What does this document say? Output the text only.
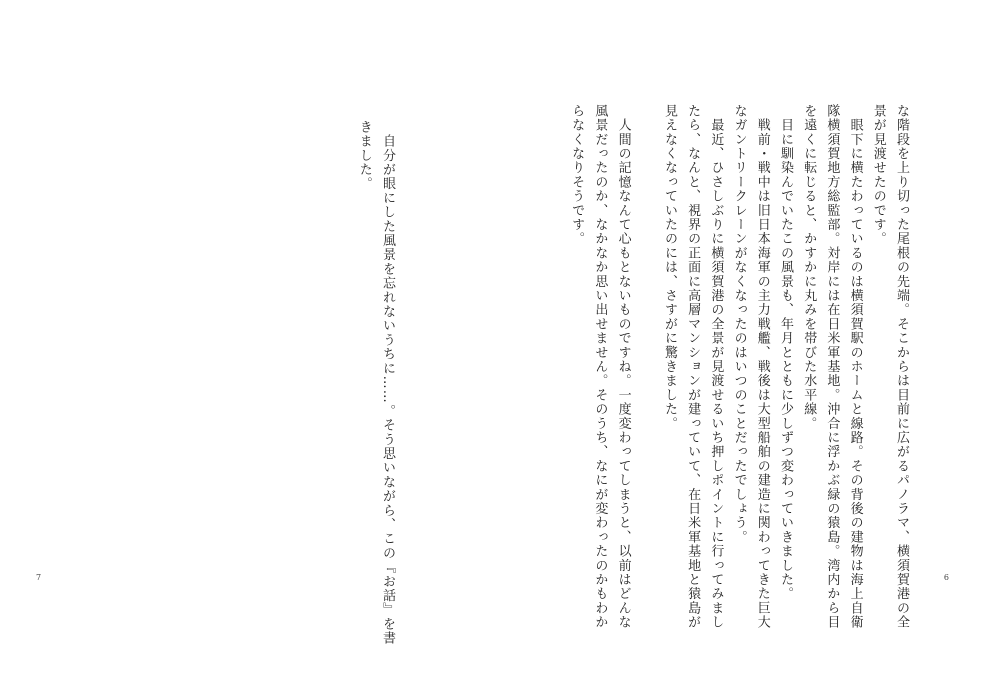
　自分が眼にした風景を忘れないうちに……。そう思いながら、この『お話』を書
きました。
7	な階段を上り切った尾根の先端。そこからは目前に広がるパノラマ、横須賀港の全
景が見渡せたのです。
　眼下に横たわっているのは横須賀駅のホームと線路。その背後の建物は海上自衛
隊横須賀地方総監部。対岸には在日米軍基地。沖合に浮かぶ緑の猿島。湾内から目
を遠くに転じると、かすかに丸みを帯びた水平線。
　目に馴染んでいたこの風景も、年月とともに少しずつ変わっていきました。
　戦前・戦中は旧日本海軍の主力戦艦、戦後は大型船舶の建造に関わってきた巨大
なガントリークレーンがなくなったのはいつのことだったでしょう。
　最近、ひさしぶりに横須賀港の全景が見渡せるいち押しポイントに行ってみまし
たら、なんと、視界の正面に高層マンションが建っていて、在日米軍基地と猿島が
見えなくなっていたのには、さすがに驚きました。

　人間の記憶なんて心もとないものですね。一度変わってしまうと、以前はどんな
風景だったのか、なかなか思い出せません。そのうち、なにが変わったのかもわか
らなくなりそうです。
6
